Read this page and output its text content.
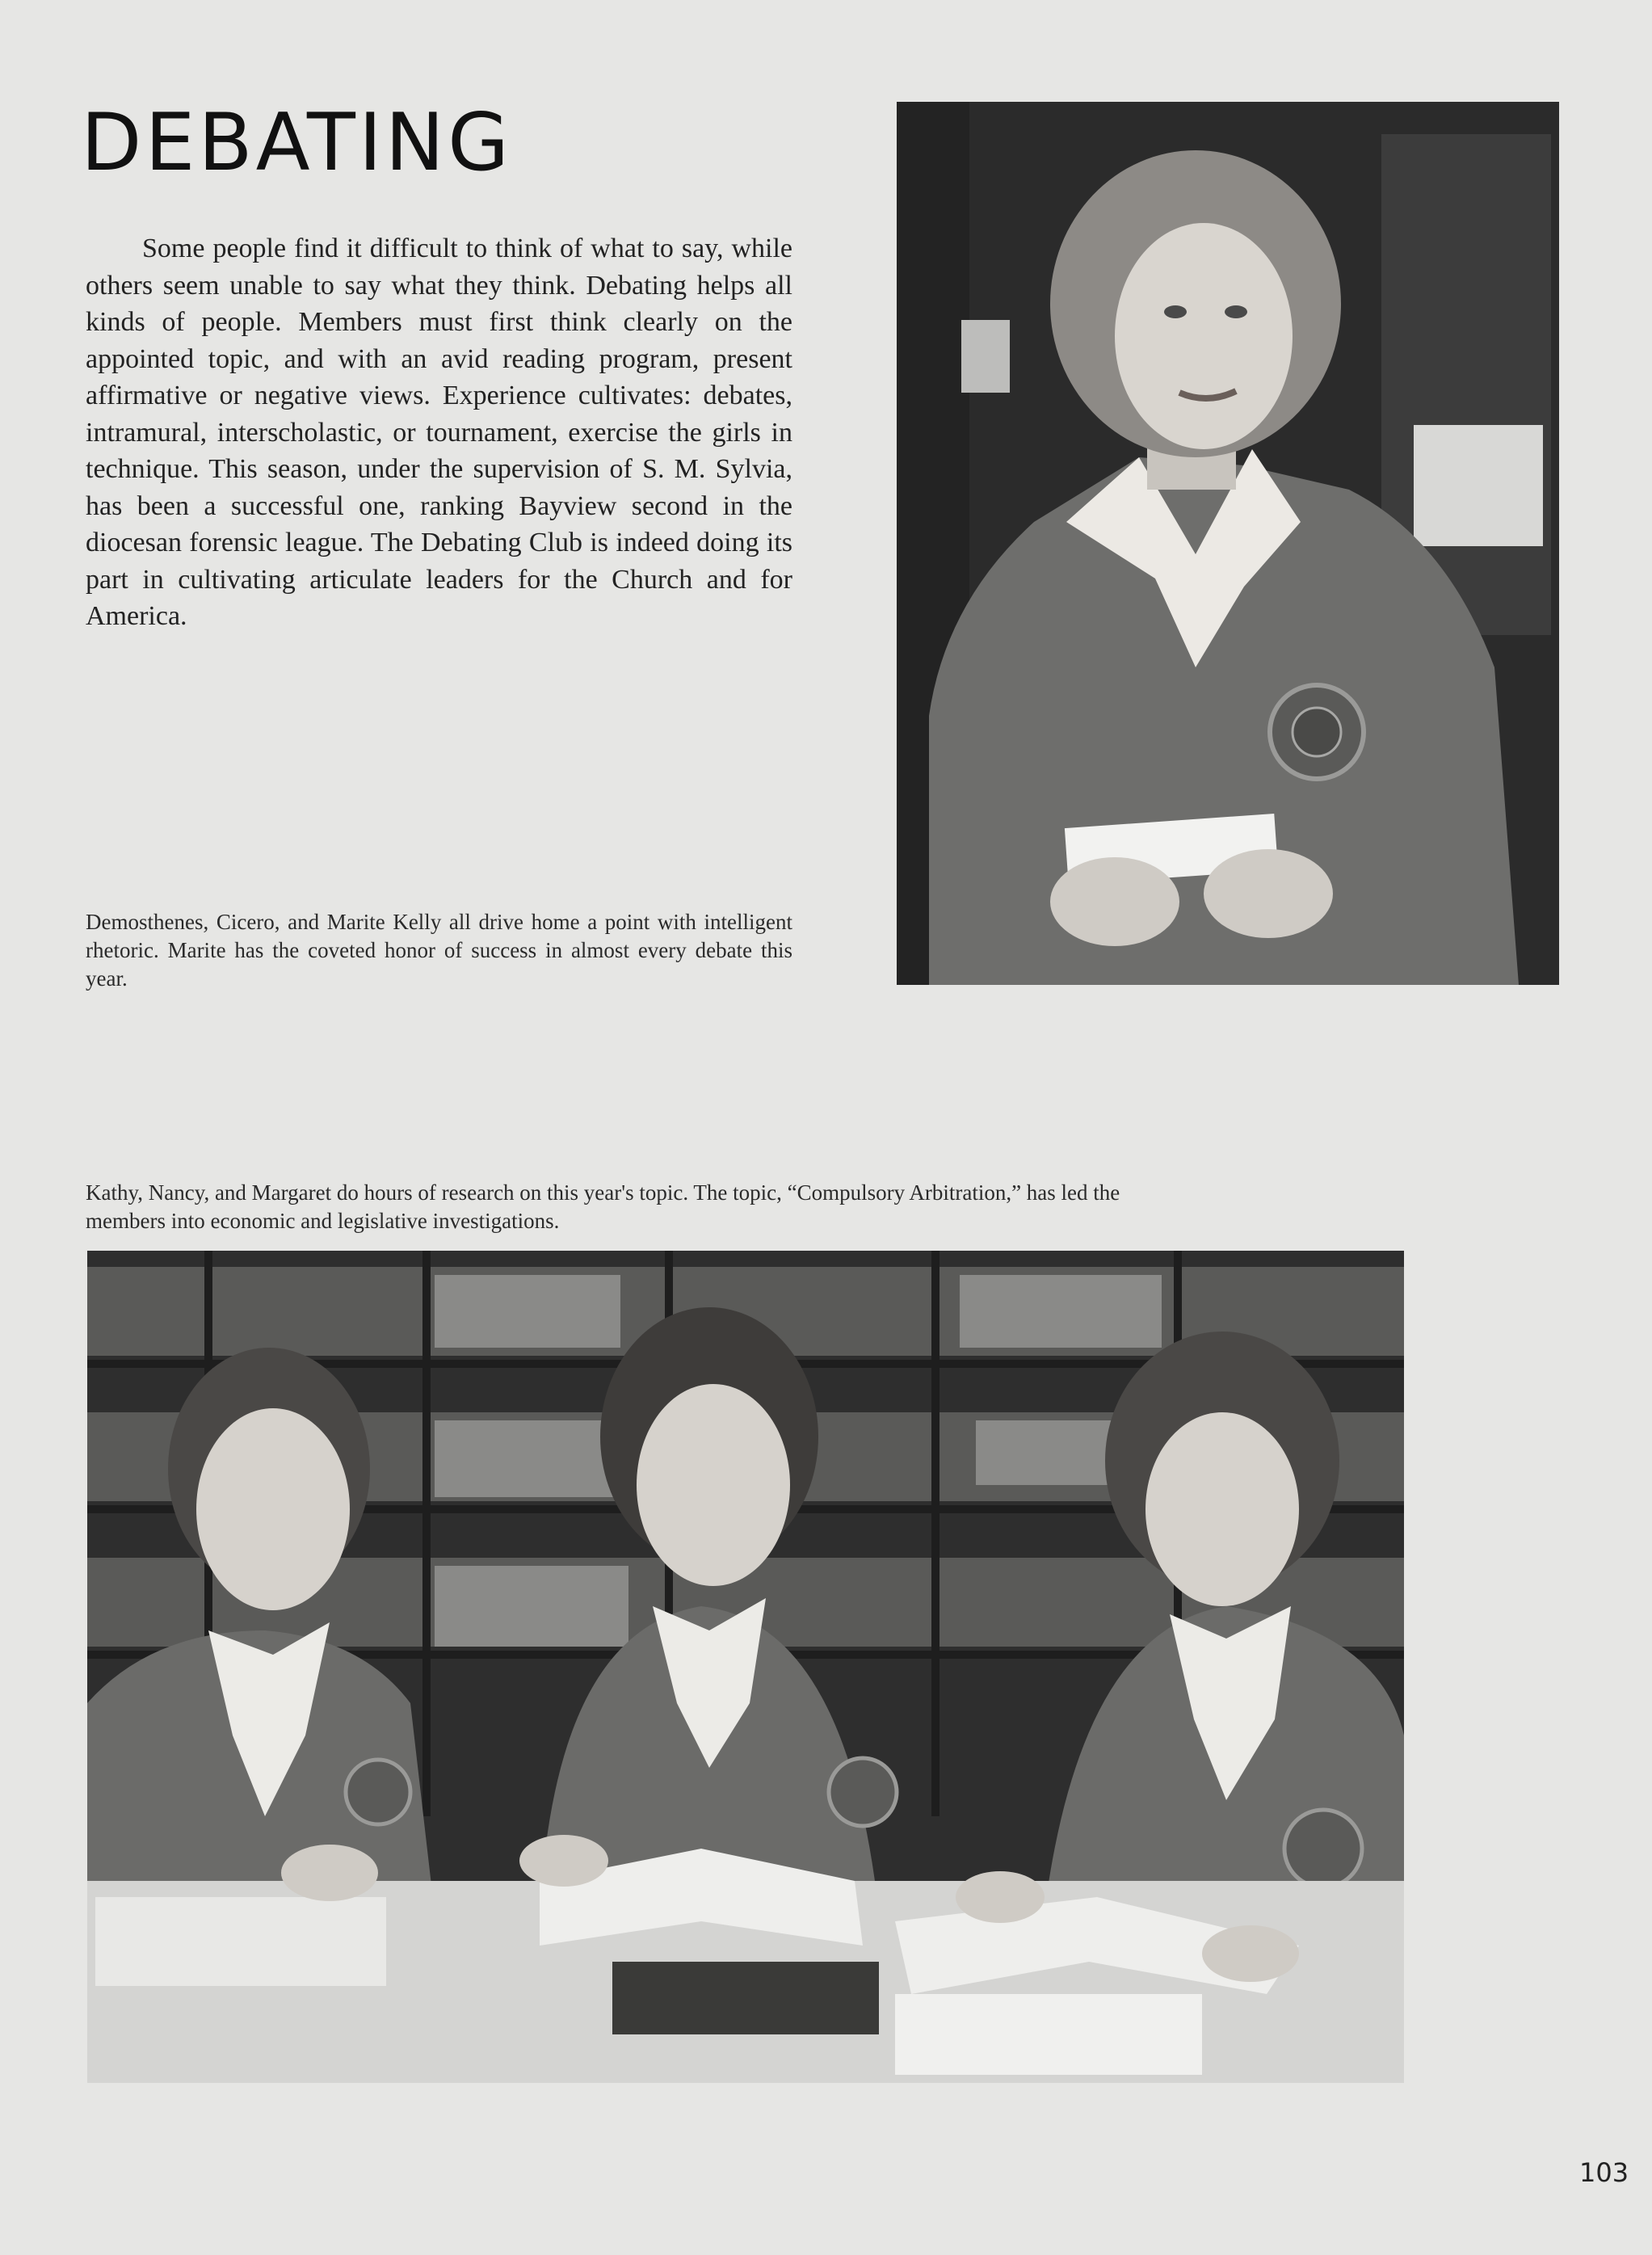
DEBATING

Some people find it difficult to think of what to say, while others seem unable to say what they think. Debating helps all kinds of people. Members must first think clearly on the appointed topic, and with an avid reading program, present affirmative or negative views. Experience cultivates: debates, intramural, interscholastic, or tournament, exercise the girls in technique. This season, under the supervision of S. M. Sylvia, has been a successful one, ranking Bayview second in the diocesan forensic league. The Debating Club is indeed doing its part in cultivating articulate leaders for the Church and for America.

Demosthenes, Cicero, and Marite Kelly all drive home a point with intelligent rhetoric. Marite has the coveted honor of success in almost every debate this year.

Kathy, Nancy, and Margaret do hours of research on this year's topic. The topic, “Compulsory Arbitration,” has led the members into economic and legislative investigations.

103
